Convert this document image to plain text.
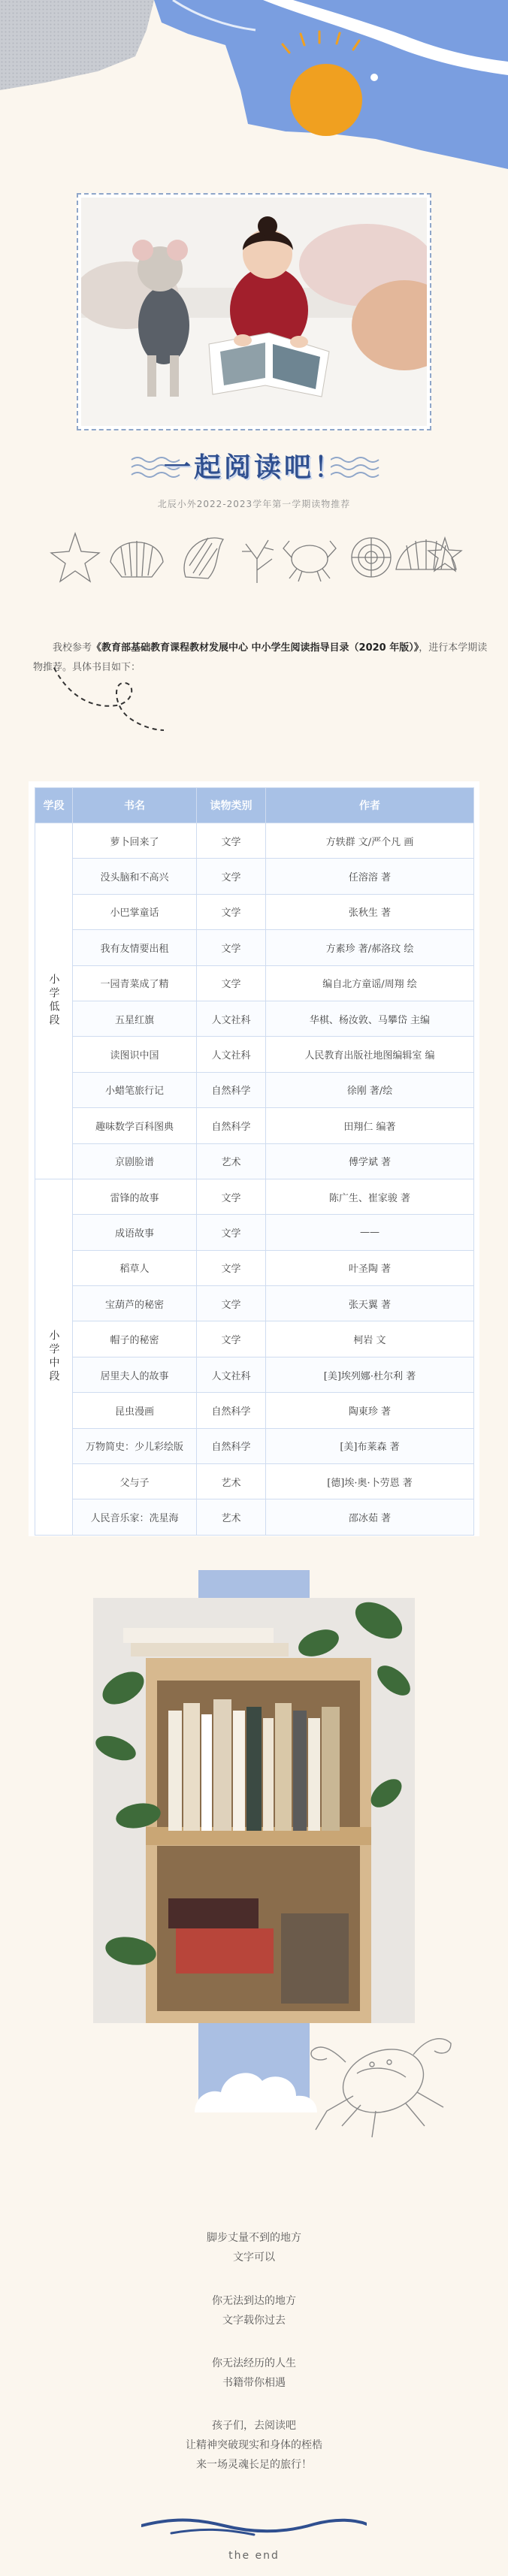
一起阅读吧！
北辰小外2022-2023学年第一学期读物推荐
我校参考《教育部基础教育课程教材发展中心 中小学生阅读指导目录（2020 年版）》，进行本学期读物推荐。具体书目如下：
学段	书名	读物类别	作者
小学低段	萝卜回来了	文学	方轶群 文/严个凡 画
	没头脑和不高兴	文学	任溶溶 著
	小巴掌童话	文学	张秋生 著
	我有友情要出租	文学	方素珍 著/郝洛玟 绘
	一园青菜成了精	文学	编自北方童谣/周翔 绘
	五星红旗	人文社科	华棋、杨汝敦、马攀岱 主编
	读图识中国	人文社科	人民教育出版社地图编辑室 编
	小蜡笔旅行记	自然科学	徐刚 著/绘
	趣味数学百科图典	自然科学	田翔仁 编著
	京剧脸谱	艺术	傅学斌 著
小学中段	雷锋的故事	文学	陈广生、崔家骏 著
	成语故事	文学	——
	稻草人	文学	叶圣陶 著
	宝葫芦的秘密	文学	张天翼 著
	帽子的秘密	文学	柯岩 文
	居里夫人的故事	人文社科	[美]埃列娜·杜尔利 著
	昆虫漫画	自然科学	陶東珍 著
	万物简史：少儿彩绘版	自然科学	[美]布莱森 著
	父与子	艺术	[德]埃·奥·卜劳恩 著
	人民音乐家：冼星海	艺术	邵冰茹 著
脚步丈量不到的地方
文字可以
你无法到达的地方
文字载你过去
你无法经历的人生
书籍带你相遇
孩子们，去阅读吧
让精神突破现实和身体的桎梏
来一场灵魂长足的旅行！
the end
